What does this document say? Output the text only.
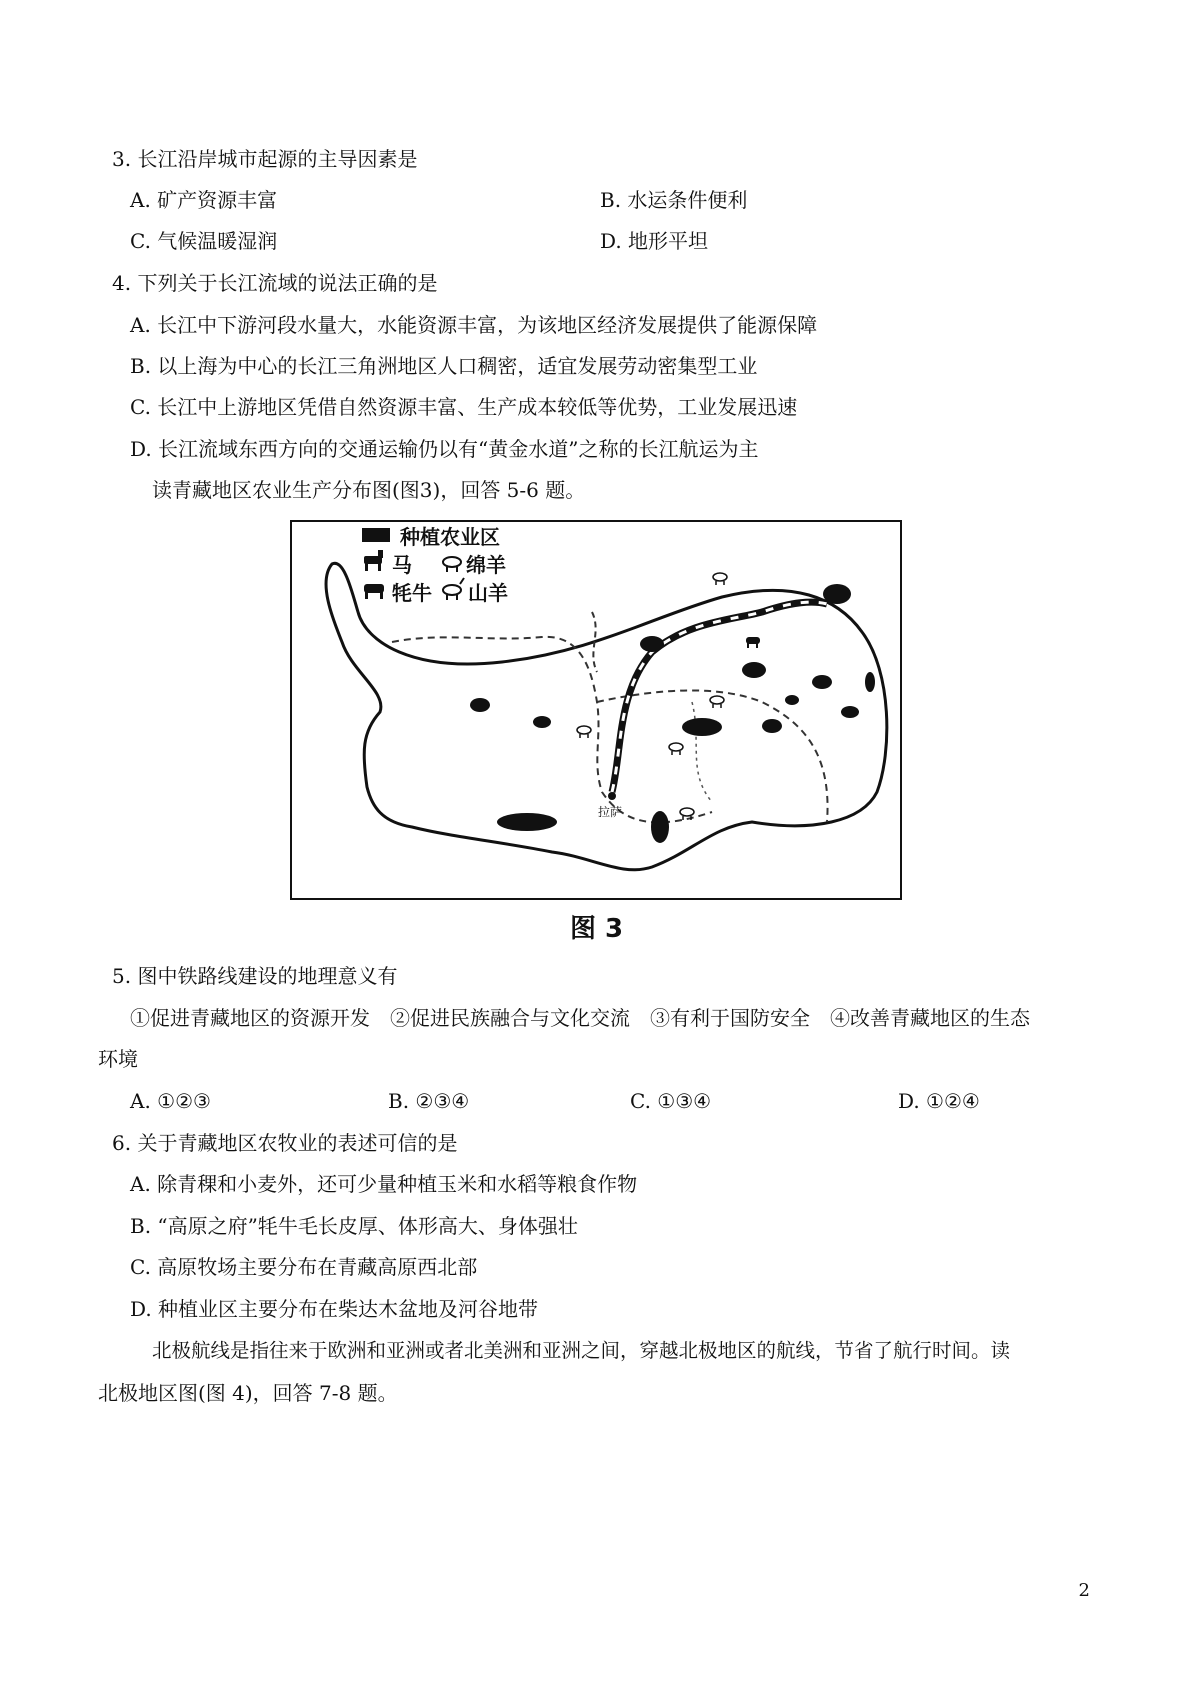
3. 长江沿岸城市起源的主导因素是
A. 矿产资源丰富	B. 水运条件便利
C. 气候温暖湿润	D. 地形平坦
4. 下列关于长江流域的说法正确的是
A. 长江中下游河段水量大，水能资源丰富，为该地区经济发展提供了能源保障
B. 以上海为中心的长江三角洲地区人口稠密，适宜发展劳动密集型工业
C. 长江中上游地区凭借自然资源丰富、生产成本较低等优势，工业发展迅速
D. 长江流域东西方向的交通运输仍以有“黄金水道”之称的长江航运为主
读青藏地区农业生产分布图(图3)，回答 5-6 题。
拉萨
种植农业区
马	绵羊
牦牛 山羊
图 3
5. 图中铁路线建设的地理意义有
①促进青藏地区的资源开发　②促进民族融合与文化交流　③有利于国防安全　④改善青藏地区的生态
环境
A. ①②③	B. ②③④	C. ①③④	D. ①②④
6. 关于青藏地区农牧业的表述可信的是
A. 除青稞和小麦外，还可少量种植玉米和水稻等粮食作物
B. “高原之府”牦牛毛长皮厚、体形高大、身体强壮
C. 高原牧场主要分布在青藏高原西北部
D. 种植业区主要分布在柴达木盆地及河谷地带
北极航线是指往来于欧洲和亚洲或者北美洲和亚洲之间，穿越北极地区的航线，节省了航行时间。读
北极地区图(图 4)，回答 7-8 题。
2
